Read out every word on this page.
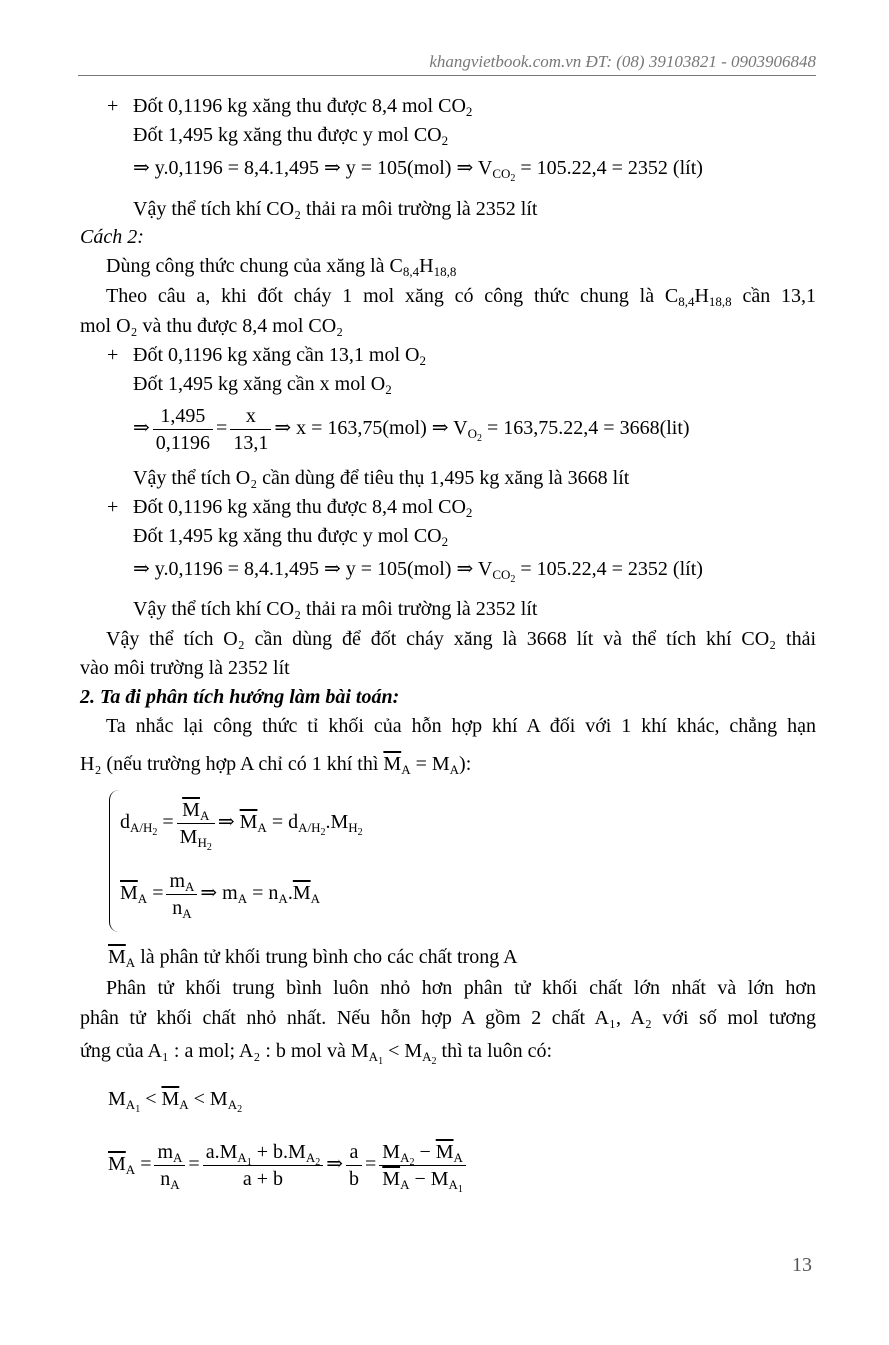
khangvietbook.com.vn ĐT: (08) 39103821 - 0903906848
+ Đốt 0,1196 kg xăng thu được 8,4 mol $CO_2$
Đốt 1,495 kg xăng thu được y mol $CO_2$
⇒ y.0,1196 = 8,4.1,495 ⇒ y = 105(mol) ⇒ $V_{CO_2} = 105.22,4 = 2352$ (lít)
Vậy thể tích khí CO₂ thải ra môi trường là 2352 lít
Cách 2:
Dùng công thức chung của xăng là $C_{8,4}H_{18,8}$
Theo câu a, khi đốt cháy 1 mol xăng có công thức chung là $C_{8,4}H_{18,8}$ cần 13,1
mol O₂ và thu được 8,4 mol CO₂
+ Đốt 0,1196 kg xăng cần 13,1 mol $O_2$
Đốt 1,495 kg xăng cần x mol $O_2$
⇒ $\frac{1,495}{0,1196} = \frac{x}{13,1}$ ⇒ x = 163,75(mol) ⇒ $V_{O_2} = 163,75.22,4 = 3668(lit)$
Vậy thể tích O₂ cần dùng để tiêu thụ 1,495 kg xăng là 3668 lít
+ Đốt 0,1196 kg xăng thu được 8,4 mol $CO_2$
Đốt 1,495 kg xăng thu được y mol $CO_2$
⇒ y.0,1196 = 8,4.1,495 ⇒ y = 105(mol) ⇒ $V_{CO_2} = 105.22,4 = 2352$ (lít)
Vậy thể tích khí CO₂ thải ra môi trường là 2352 lít
Vậy thể tích O₂ cần dùng để đốt cháy xăng là 3668 lít và thể tích khí CO₂ thải
vào môi trường là 2352 lít
2. Ta đi phân tích hướng làm bài toán:
Ta nhắc lại công thức tỉ khối của hỗn hợp khí A đối với 1 khí khác, chẳng hạn
H₂ (nếu trường hợp A chỉ có 1 khí thì $\overline{M}_A = M_A$):
$d_{A/H_2} = \frac{\overline{M}_A}{M_{H_2}}$ ⇒ $\overline{M}_A = d_{A/H_2}.M_{H_2}$
$\overline{M}_A = \frac{m_A}{n_A}$ ⇒ $m_A = n_A.\overline{M}_A$
$\overline{M}_A$ là phân tử khối trung bình cho các chất trong A
Phân tử khối trung bình luôn nhỏ hơn phân tử khối chất lớn nhất và lớn hơn
phân tử khối chất nhỏ nhất. Nếu hỗn hợp A gồm 2 chất A₁, A₂ với số mol tương
ứng của A₁ : a mol; A₂ : b mol và $M_{A_1} < M_{A_2}$ thì ta luôn có:
$M_{A_1} < \overline{M}_A < M_{A_2}$
$\overline{M}_A = \frac{m_A}{n_A} = \frac{a.M_{A_1} + b.M_{A_2}}{a + b}$ ⇒ $\frac{a}{b} = \frac{M_{A_2} - \overline{M}_A}{\overline{M}_A - M_{A_1}}$
13
